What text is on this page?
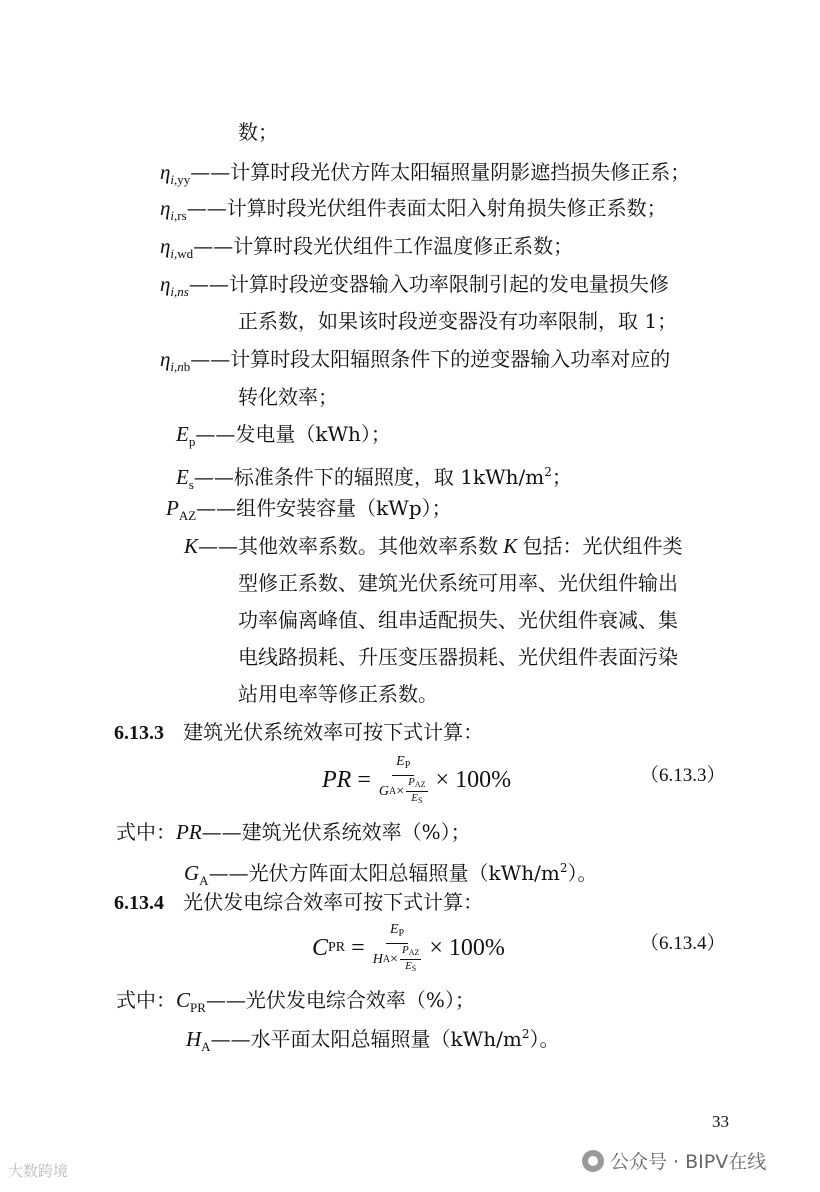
数；
$\eta_{i,yy}——$计算时段光伏方阵太阳辐照量阴影遮挡损失修正系；
$\eta_{i,rs}——$计算时段光伏组件表面太阳入射角损失修正系数；
$\eta_{i,wd}——$计算时段光伏组件工作温度修正系数；
$\eta_{i,ns}——$计算时段逆变器输入功率限制引起的发电量损失修
正系数，如果该时段逆变器没有功率限制，取 1；
$\eta_{i,nb}——$计算时段太阳辐照条件下的逆变器输入功率对应的
转化效率；
$E_p——$发电量（kWh）；
$E_s——$标准条件下的辐照度，取 $1kWh/m^2$；
$P_{AZ}——$组件安装容量（kWp）；
K——其他效率系数。其他效率系数 K 包括：光伏组件类
型修正系数、建筑光伏系统可用率、光伏组件输出
功率偏离峰值、组串适配损失、光伏组件衰减、集
电线路损耗、升压变压器损耗、光伏组件表面污染
站用电率等修正系数。
6.13.3 建筑光伏系统效率可按下式计算：
PR = $E_P$
G A ×
PAZ
ES × 100%	（6.13.3）
式中：PR——建筑光伏系统效率（%）；
$G_A——$光伏方阵面太阳总辐照量$(kWh/m^2)$。
6.13.4 光伏发电综合效率可按下式计算：
C PR = $E_P$
H A ×
PAZ
ES × 100%	（6.13.4）
式中：$C_{PR}——$光伏发电综合效率（%）；
$H_A——$水平面太阳总辐照量$(kWh/m^2)$。
33
公众号 · BIPV在线
大数跨境
